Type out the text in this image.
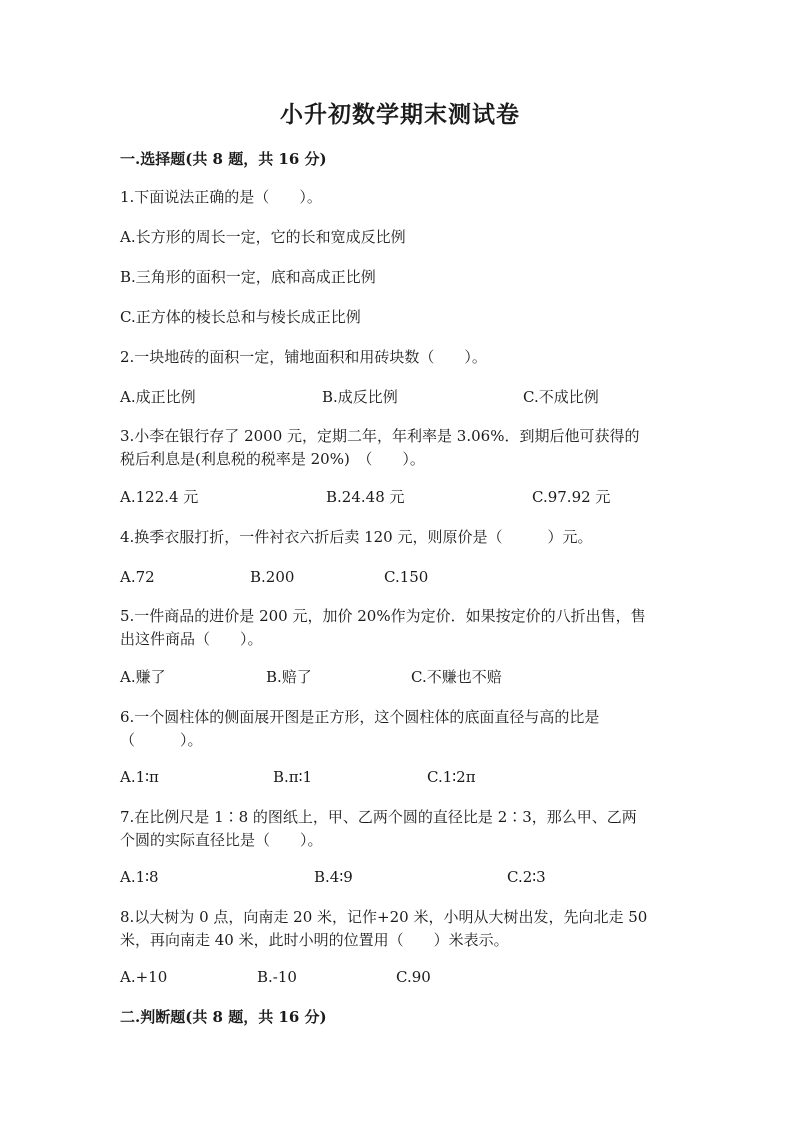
小升初数学期末测试卷
一.选择题(共 8 题，共 16 分)
1.下面说法正确的是（　　）。
A.长方形的周长一定，它的长和宽成反比例
B.三角形的面积一定，底和高成正比例
C.正方体的棱长总和与棱长成正比例
2.一块地砖的面积一定，铺地面积和用砖块数（　　）。
A.成正比例	B.成反比例	C.不成比例
3.小李在银行存了 2000 元，定期二年，年利率是 3.06%．到期后他可获得的
税后利息是(利息税的税率是 20%)　（　　）。
A.122.4 元	B.24.48 元	C.97.92 元
4.换季衣服打折，一件衬衣六折后卖 120 元，则原价是（　　　）元。
A.72	B.200	C.150
5.一件商品的进价是 200 元，加价 20%作为定价．如果按定价的八折出售，售
出这件商品（　　）。
A.赚了	B.赔了	C.不赚也不赔
6.一个圆柱体的侧面展开图是正方形，这个圆柱体的底面直径与高的比是
（　　　）。
A.1∶π	B.π∶1	C.1∶2π
7.在比例尺是 1∶8 的图纸上，甲、乙两个圆的直径比是 2∶3，那么甲、乙两
个圆的实际直径比是（　　）。
A.1∶8	B.4∶9	C.2∶3
8.以大树为 0 点，向南走 20 米，记作+20 米，小明从大树出发，先向北走 50
米，再向南走 40 米，此时小明的位置用（　　）米表示。
A.+10	B.-10	C.90
二.判断题(共 8 题，共 16 分)
